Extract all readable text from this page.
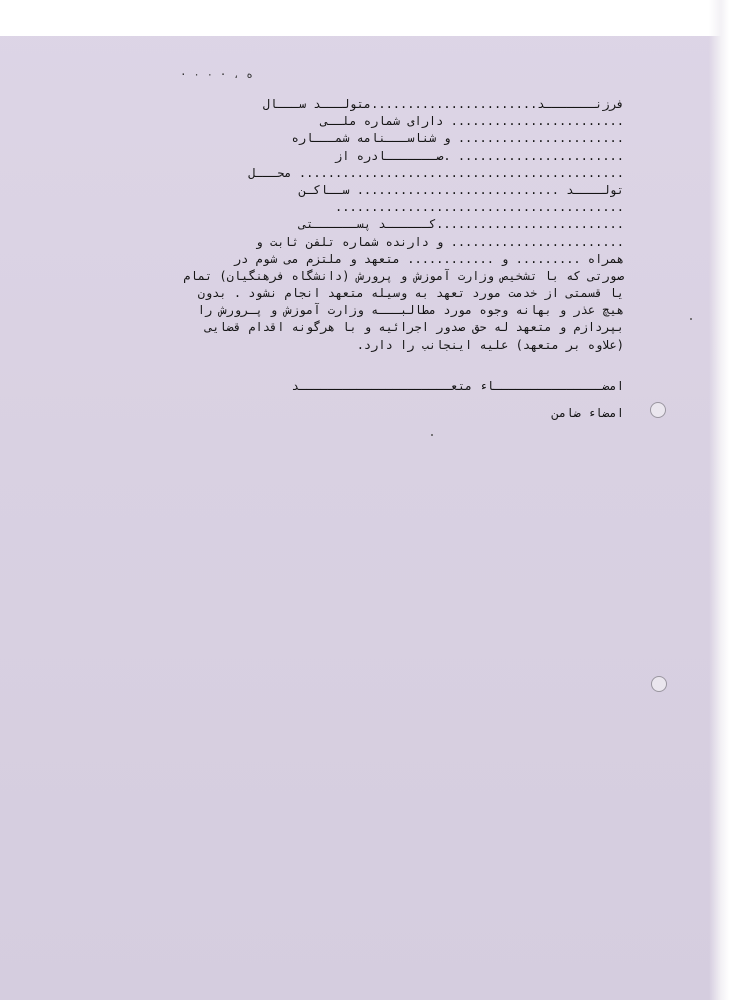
ه ، · ۰ ۰ ·
فرزنـــــــد.......................متولـــد ســـال
........................ دارای شماره ملــی
....................... و شناســـنامه شمـــاره
....................... .صـــــــادره از
............................................. محـــل
تولــــد ............................ ســاکـن
........................................
..........................کــــــد پســــــتی
........................ و دارنده شماره تلفن ثابت و
همراه ......... و ............ متعهد و ملتزم می شوم در
صورتی که با تشخیص وزارت آموزش و پرورش (دانشگاه فرهنگیان) تمام
یا قسمتی از خدمت مورد تعهد به وسیله متعهد انجام نشود . بدون
هیچ عذر و بهانه وجوه مورد مطالبـــه وزارت آموزش و پـرورش را
بپردازم و متعهد له حق صدور اجرائیه و با هرگونه اقدام قضایی
(علاوه بر متعهد) علیه اینجانب را دارد.
امضـــــــــــــــاء متعـــــــــــــــــــــد
امضاء ضامن
